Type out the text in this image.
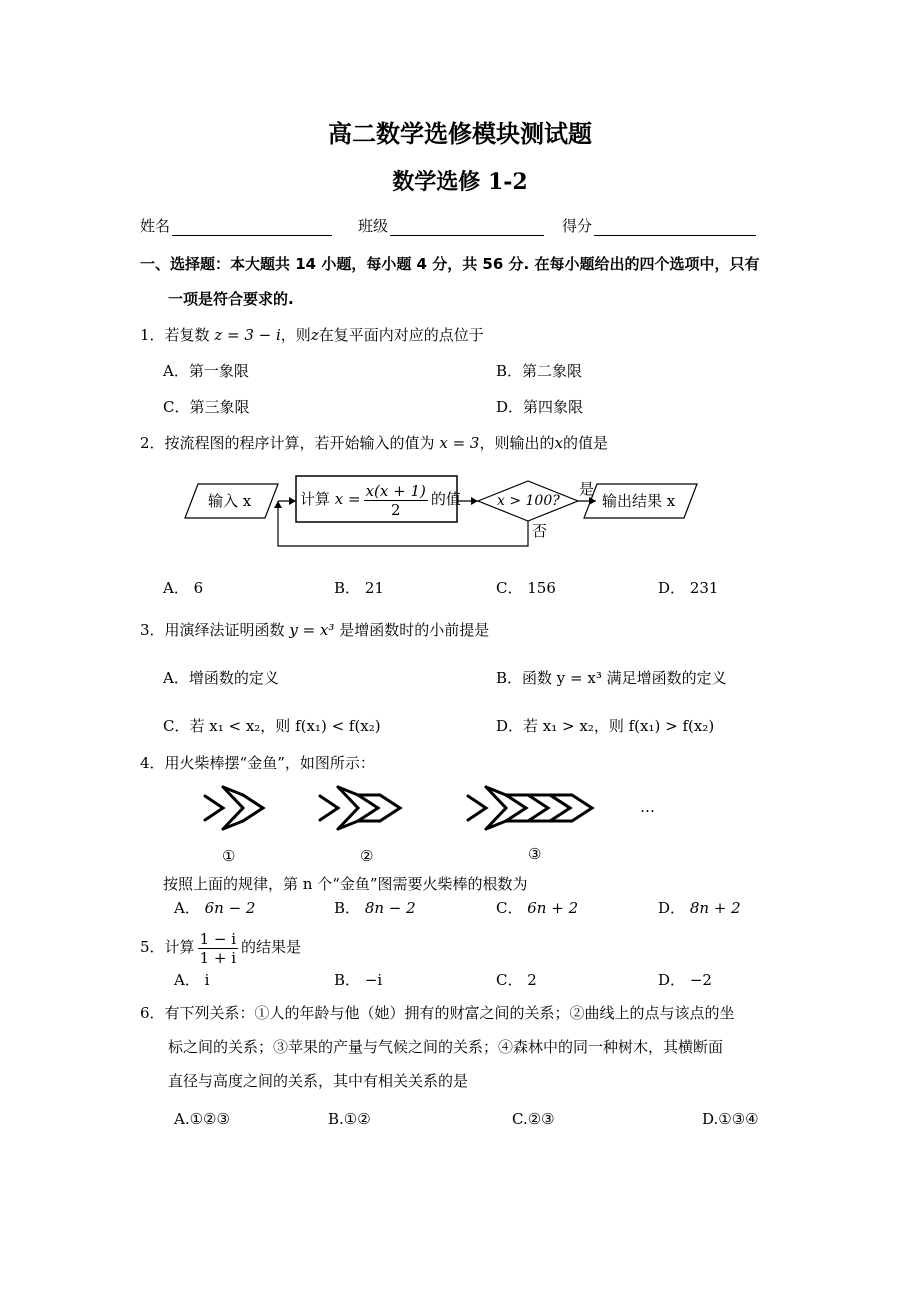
高二数学选修模块测试题
数学选修 1-2
姓名	班级	得分
一、选择题：本大题共 14 小题，每小题 4 分，共 56 分. 在每小题给出的四个选项中，只有
一项是符合要求的.
1．若复数 z = 3 − i，则z在复平面内对应的点位于
A．第一象限	B．第二象限
C．第三象限	D．第四象限
2．按流程图的程序计算，若开始输入的值为 x = 3，则输出的x的值是
输入 x	计算 $x = \frac{x(x + 1)}{2}$ 的值	x > 100?
是
否
输出结果 x
A． 6	B． 21	C． 156	D． 231
3．用演绎法证明函数 y = x³ 是增函数时的小前提是
A．增函数的定义	B．函数 y = x³ 满足增函数的定义
C．若 x₁ < x₂，则 f(x₁) < f(x₂)	D．若 x₁ > x₂，则 f(x₁) > f(x₂)
4．用火柴棒摆“金鱼”，如图所示：
…
①	②	③
按照上面的规律，第 n 个“金鱼”图需要火柴棒的根数为
A． 6n − 2	B． 8n − 2	C． 6n + 2	D． 8n + 2
5．计算 $\frac{1 - i}{1 + i}$ 的结果是
A． i	B． −i	C． 2	D． −2
6．有下列关系：①人的年龄与他（她）拥有的财富之间的关系；②曲线上的点与该点的坐
标之间的关系；③苹果的产量与气候之间的关系；④森林中的同一种树木，其横断面
直径与高度之间的关系，其中有相关关系的是
A.①②③	B.①②	C.②③	D.①③④
